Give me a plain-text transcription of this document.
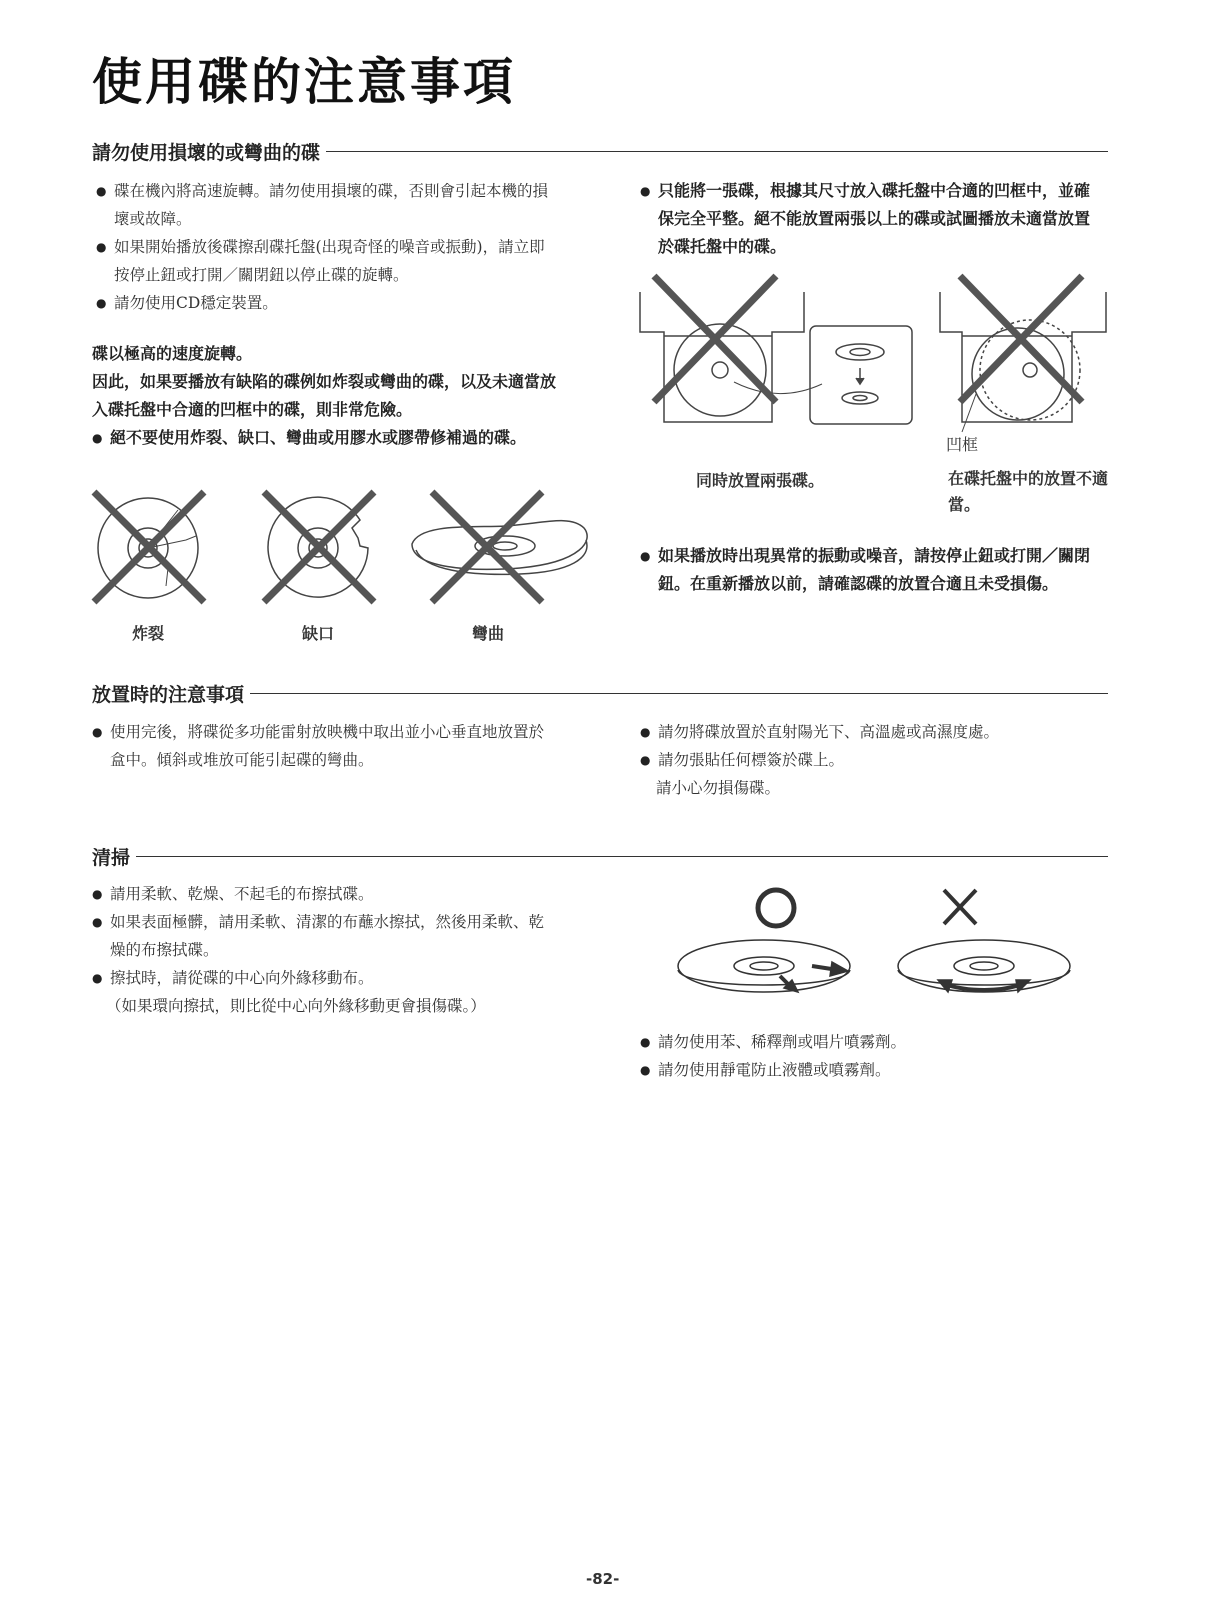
使用碟的注意事項
請勿使用損壞的或彎曲的碟
● 碟在機內將高速旋轉。請勿使用損壞的碟，否則會引起本機的損壞或故障。
● 如果開始播放後碟擦刮碟托盤(出現奇怪的噪音或振動)，請立即按停止鈕或打開／關閉鈕以停止碟的旋轉。
● 請勿使用CD穩定裝置。
碟以極高的速度旋轉。
因此，如果要播放有缺陷的碟例如炸裂或彎曲的碟，以及未適當放入碟托盤中合適的凹框中的碟，則非常危險。
● 絕不要使用炸裂、缺口、彎曲或用膠水或膠帶修補過的碟。
炸裂	缺口	彎曲
● 只能將一張碟，根據其尺寸放入碟托盤中合適的凹框中，並確保完全平整。絕不能放置兩張以上的碟或試圖播放未適當放置於碟托盤中的碟。
凹框
同時放置兩張碟。	在碟托盤中的放置不適當。
● 如果播放時出現異常的振動或噪音，請按停止鈕或打開／關閉鈕。在重新播放以前，請確認碟的放置合適且未受損傷。
放置時的注意事項
● 使用完後，將碟從多功能雷射放映機中取出並小心垂直地放置於盒中。傾斜或堆放可能引起碟的彎曲。
● 請勿將碟放置於直射陽光下、高溫處或高濕度處。
● 請勿張貼任何標簽於碟上。
請小心勿損傷碟。
清掃
● 請用柔軟、乾燥、不起毛的布擦拭碟。
● 如果表面極髒，請用柔軟、清潔的布蘸水擦拭，然後用柔軟、乾燥的布擦拭碟。
● 擦拭時，請從碟的中心向外緣移動布。
（如果環向擦拭，則比從中心向外緣移動更會損傷碟。）
● 請勿使用苯、稀釋劑或唱片噴霧劑。
● 請勿使用靜電防止液體或噴霧劑。
-82-
